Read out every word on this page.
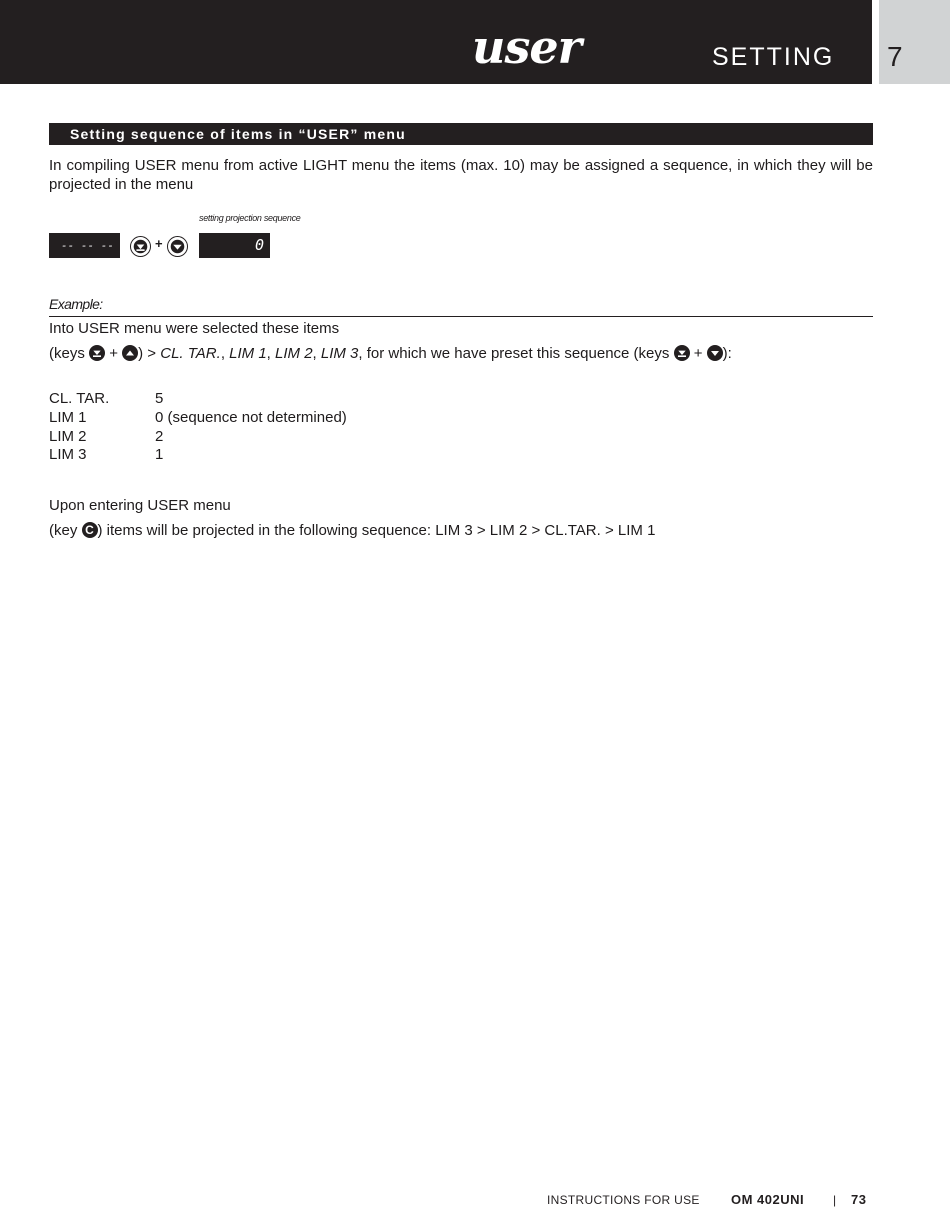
user	SETTING 7
Setting sequence of items in “USER” menu
In compiling USER menu from active LIGHT menu the items (max. 10) may be assigned a sequence, in which they will be projected in the menu
setting projection sequence
-- -- --	+	0
Example:
Into USER menu were selected these items
(keys + ) > CL. TAR., LIM 1, LIM 2, LIM 3, for which we have preset this sequence (keys + ):
CL. TAR.	5
LIM 1	0 (sequence not determined)
LIM 2	2
LIM 3	1
Upon entering USER menu
(key C ) items will be projected in the following sequence: LIM 3 > LIM 2 > CL.TAR. > LIM 1
INSTRUCTIONS FOR USE OM 402UNI | 73
